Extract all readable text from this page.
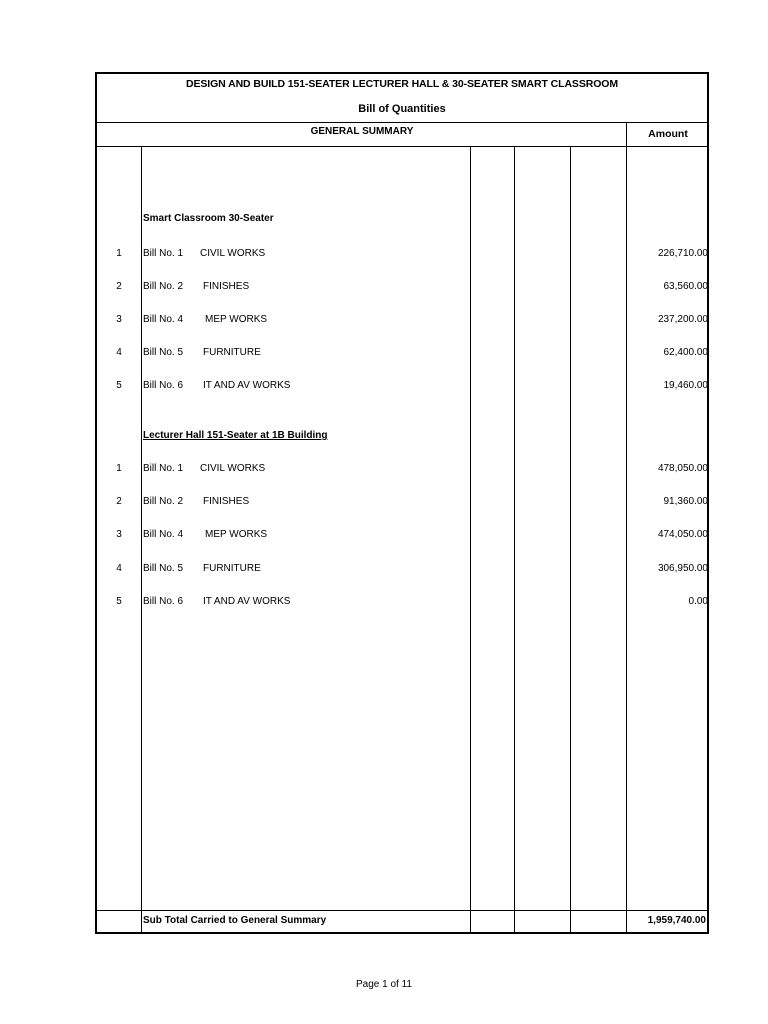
DESIGN AND BUILD 151-SEATER LECTURER HALL & 30-SEATER SMART CLASSROOM
Bill of Quantities
GENERAL SUMMARY	Amount
Smart Classroom 30-Seater
1	Bill No. 1 CIVIL WORKS	226,710.00
2	Bill No. 2 FINISHES	63,560.00
3	Bill No. 4 MEP WORKS	237,200.00
4	Bill No. 5 FURNITURE	62,400.00
5	Bill No. 6 IT AND AV WORKS	19,460.00
Lecturer Hall 151-Seater at 1B Building
1	Bill No. 1 CIVIL WORKS	478,050.00
2	Bill No. 2 FINISHES	91,360.00
3	Bill No. 4 MEP WORKS	474,050.00
4	Bill No. 5 FURNITURE	306,950.00
5	Bill No. 6 IT AND AV WORKS	0.00
Sub Total Carried to General Summary	1,959,740.00
Page 1 of 11
